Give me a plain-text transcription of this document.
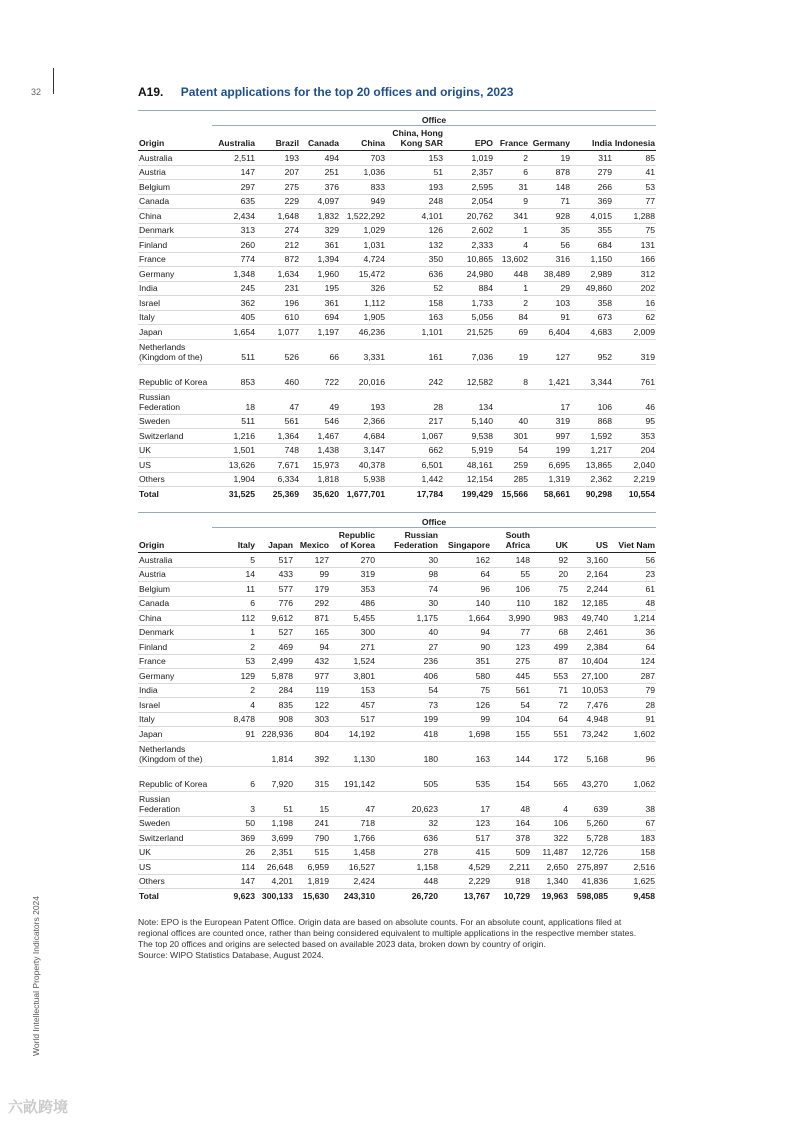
32
World Intellectual Property Indicators 2024
A19. Patent applications for the top 20 offices and origins, 2023

	Office									
Origin	Australia	Brazil	Canada	China	China, Hong Kong SAR	EPO	France	Germany	India	Indonesia
Australia	2,511	193	494	703	153	1,019	2	19	311	85
Austria	147	207	251	1,036	51	2,357	6	878	279	41
Belgium	297	275	376	833	193	2,595	31	148	266	53
Canada	635	229	4,097	949	248	2,054	9	71	369	77
China	2,434	1,648	1,832	1,522,292	4,101	20,762	341	928	4,015	1,288
Denmark	313	274	329	1,029	126	2,602	1	35	355	75
Finland	260	212	361	1,031	132	2,333	4	56	684	131
France	774	872	1,394	4,724	350	10,865	13,602	316	1,150	166
Germany	1,348	1,634	1,960	15,472	636	24,980	448	38,489	2,989	312
India	245	231	195	326	52	884	1	29	49,860	202
Israel	362	196	361	1,112	158	1,733	2	103	358	16
Italy	405	610	694	1,905	163	5,056	84	91	673	62
Japan	1,654	1,077	1,197	46,236	1,101	21,525	69	6,404	4,683	2,009
Netherlands (Kingdom of the)	511	526	66	3,331	161	7,036	19	127	952	319
Republic of Korea	853	460	722	20,016	242	12,582	8	1,421	3,344	761
Russian Federation	18	47	49	193	28	134		17	106	46
Sweden	511	561	546	2,366	217	5,140	40	319	868	95
Switzerland	1,216	1,364	1,467	4,684	1,067	9,538	301	997	1,592	353
UK	1,501	748	1,438	3,147	662	5,919	54	199	1,217	204
US	13,626	7,671	15,973	40,378	6,501	48,161	259	6,695	13,865	2,040
Others	1,904	6,334	1,818	5,938	1,442	12,154	285	1,319	2,362	2,219
Total	31,525	25,369	35,620	1,677,701	17,784	199,429	15,566	58,661	90,298	10,554

	Office									
Origin	Italy	Japan	Mexico	Republic of Korea	Russian Federation	Singapore	South Africa	UK	US	Viet Nam
Australia	5	517	127	270	30	162	148	92	3,160	56
Austria	14	433	99	319	98	64	55	20	2,164	23
Belgium	11	577	179	353	74	96	106	75	2,244	61
Canada	6	776	292	486	30	140	110	182	12,185	48
China	112	9,612	871	5,455	1,175	1,664	3,990	983	49,740	1,214
Denmark	1	527	165	300	40	94	77	68	2,461	36
Finland	2	469	94	271	27	90	123	499	2,384	64
France	53	2,499	432	1,524	236	351	275	87	10,404	124
Germany	129	5,878	977	3,801	406	580	445	553	27,100	287
India	2	284	119	153	54	75	561	71	10,053	79
Israel	4	835	122	457	73	126	54	72	7,476	28
Italy	8,478	908	303	517	199	99	104	64	4,948	91
Japan	91	228,936	804	14,192	418	1,698	155	551	73,242	1,602
Netherlands (Kingdom of the)		1,814	392	1,130	180	163	144	172	5,168	96
Republic of Korea	6	7,920	315	191,142	505	535	154	565	43,270	1,062
Russian Federation	3	51	15	47	20,623	17	48	4	639	38
Sweden	50	1,198	241	718	32	123	164	106	5,260	67
Switzerland	369	3,699	790	1,766	636	517	378	322	5,728	183
UK	26	2,351	515	1,458	278	415	509	11,487	12,726	158
US	114	26,648	6,959	16,527	1,158	4,529	2,211	2,650	275,897	2,516
Others	147	4,201	1,819	2,424	448	2,229	918	1,340	41,836	1,625
Total	9,623	300,133	15,630	243,310	26,720	13,767	10,729	19,963	598,085	9,458
Note: EPO is the European Patent Office. Origin data are based on absolute counts. For an absolute count, applications filed at regional offices are counted once, rather than being considered equivalent to multiple applications in the respective member states. The top 20 offices and origins are selected based on available 2023 data, broken down by country of origin.
Source: WIPO Statistics Database, August 2024.
六畝跨境
